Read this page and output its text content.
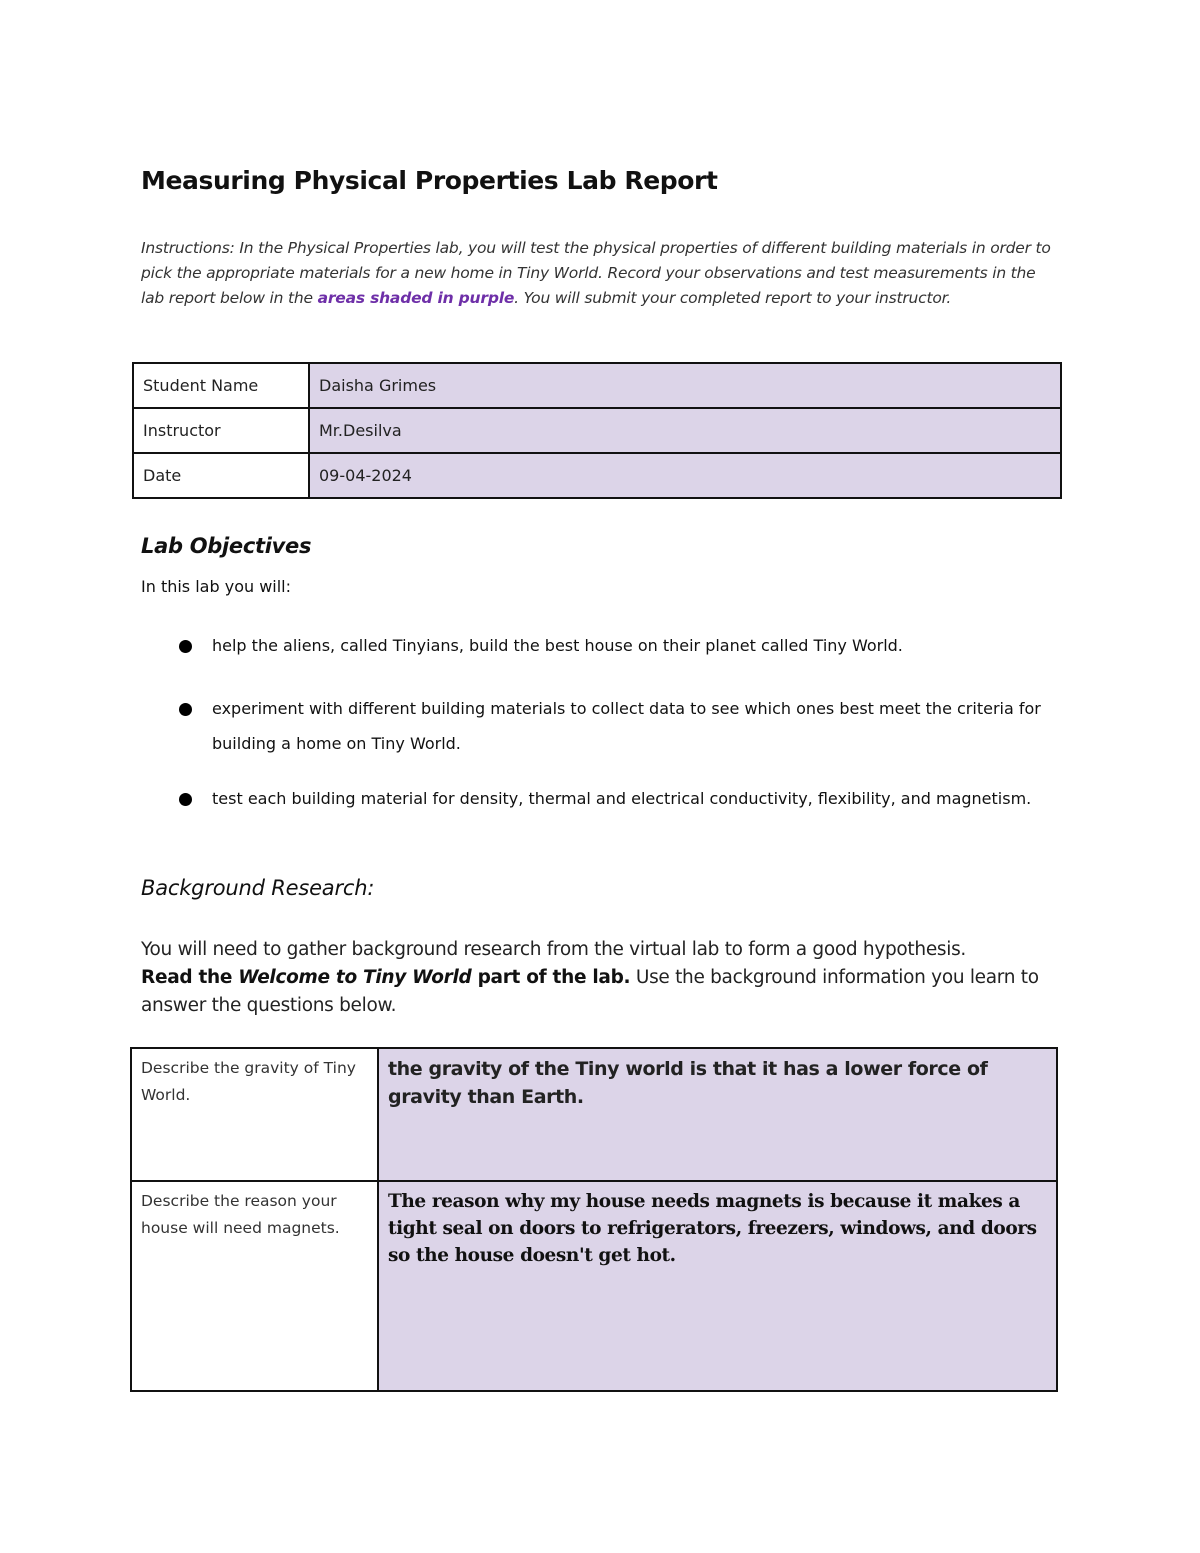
Measuring Physical Properties Lab Report

Instructions: In the Physical Properties lab, you will test the physical properties of different building materials in order to pick the appropriate materials for a new home in Tiny World. Record your observations and test measurements in the lab report below in the areas shaded in purple. You will submit your completed report to your instructor.

Student Name	Daisha Grimes
Instructor	Mr.Desilva
Date	09-04-2024
Lab Objectives

In this lab you will:

help the aliens, called Tinyians, build the best house on their planet called Tiny World.
experiment with different building materials to collect data to see which ones best meet the criteria for building a home on Tiny World.
test each building material for density, thermal and electrical conductivity, flexibility, and magnetism.
Background Research:

You will need to gather background research from the virtual lab to form a good hypothesis.
Read the Welcome to Tiny World part of the lab. Use the background information you learn to answer the questions below.

Describe the gravity of Tiny World.	the gravity of the Tiny world is that it has a lower force of gravity than Earth.

Describe the reason your house will need magnets.	The reason why my house needs magnets is because it makes a tight seal on doors to refrigerators, freezers, windows, and doors so the house doesn't get hot.
